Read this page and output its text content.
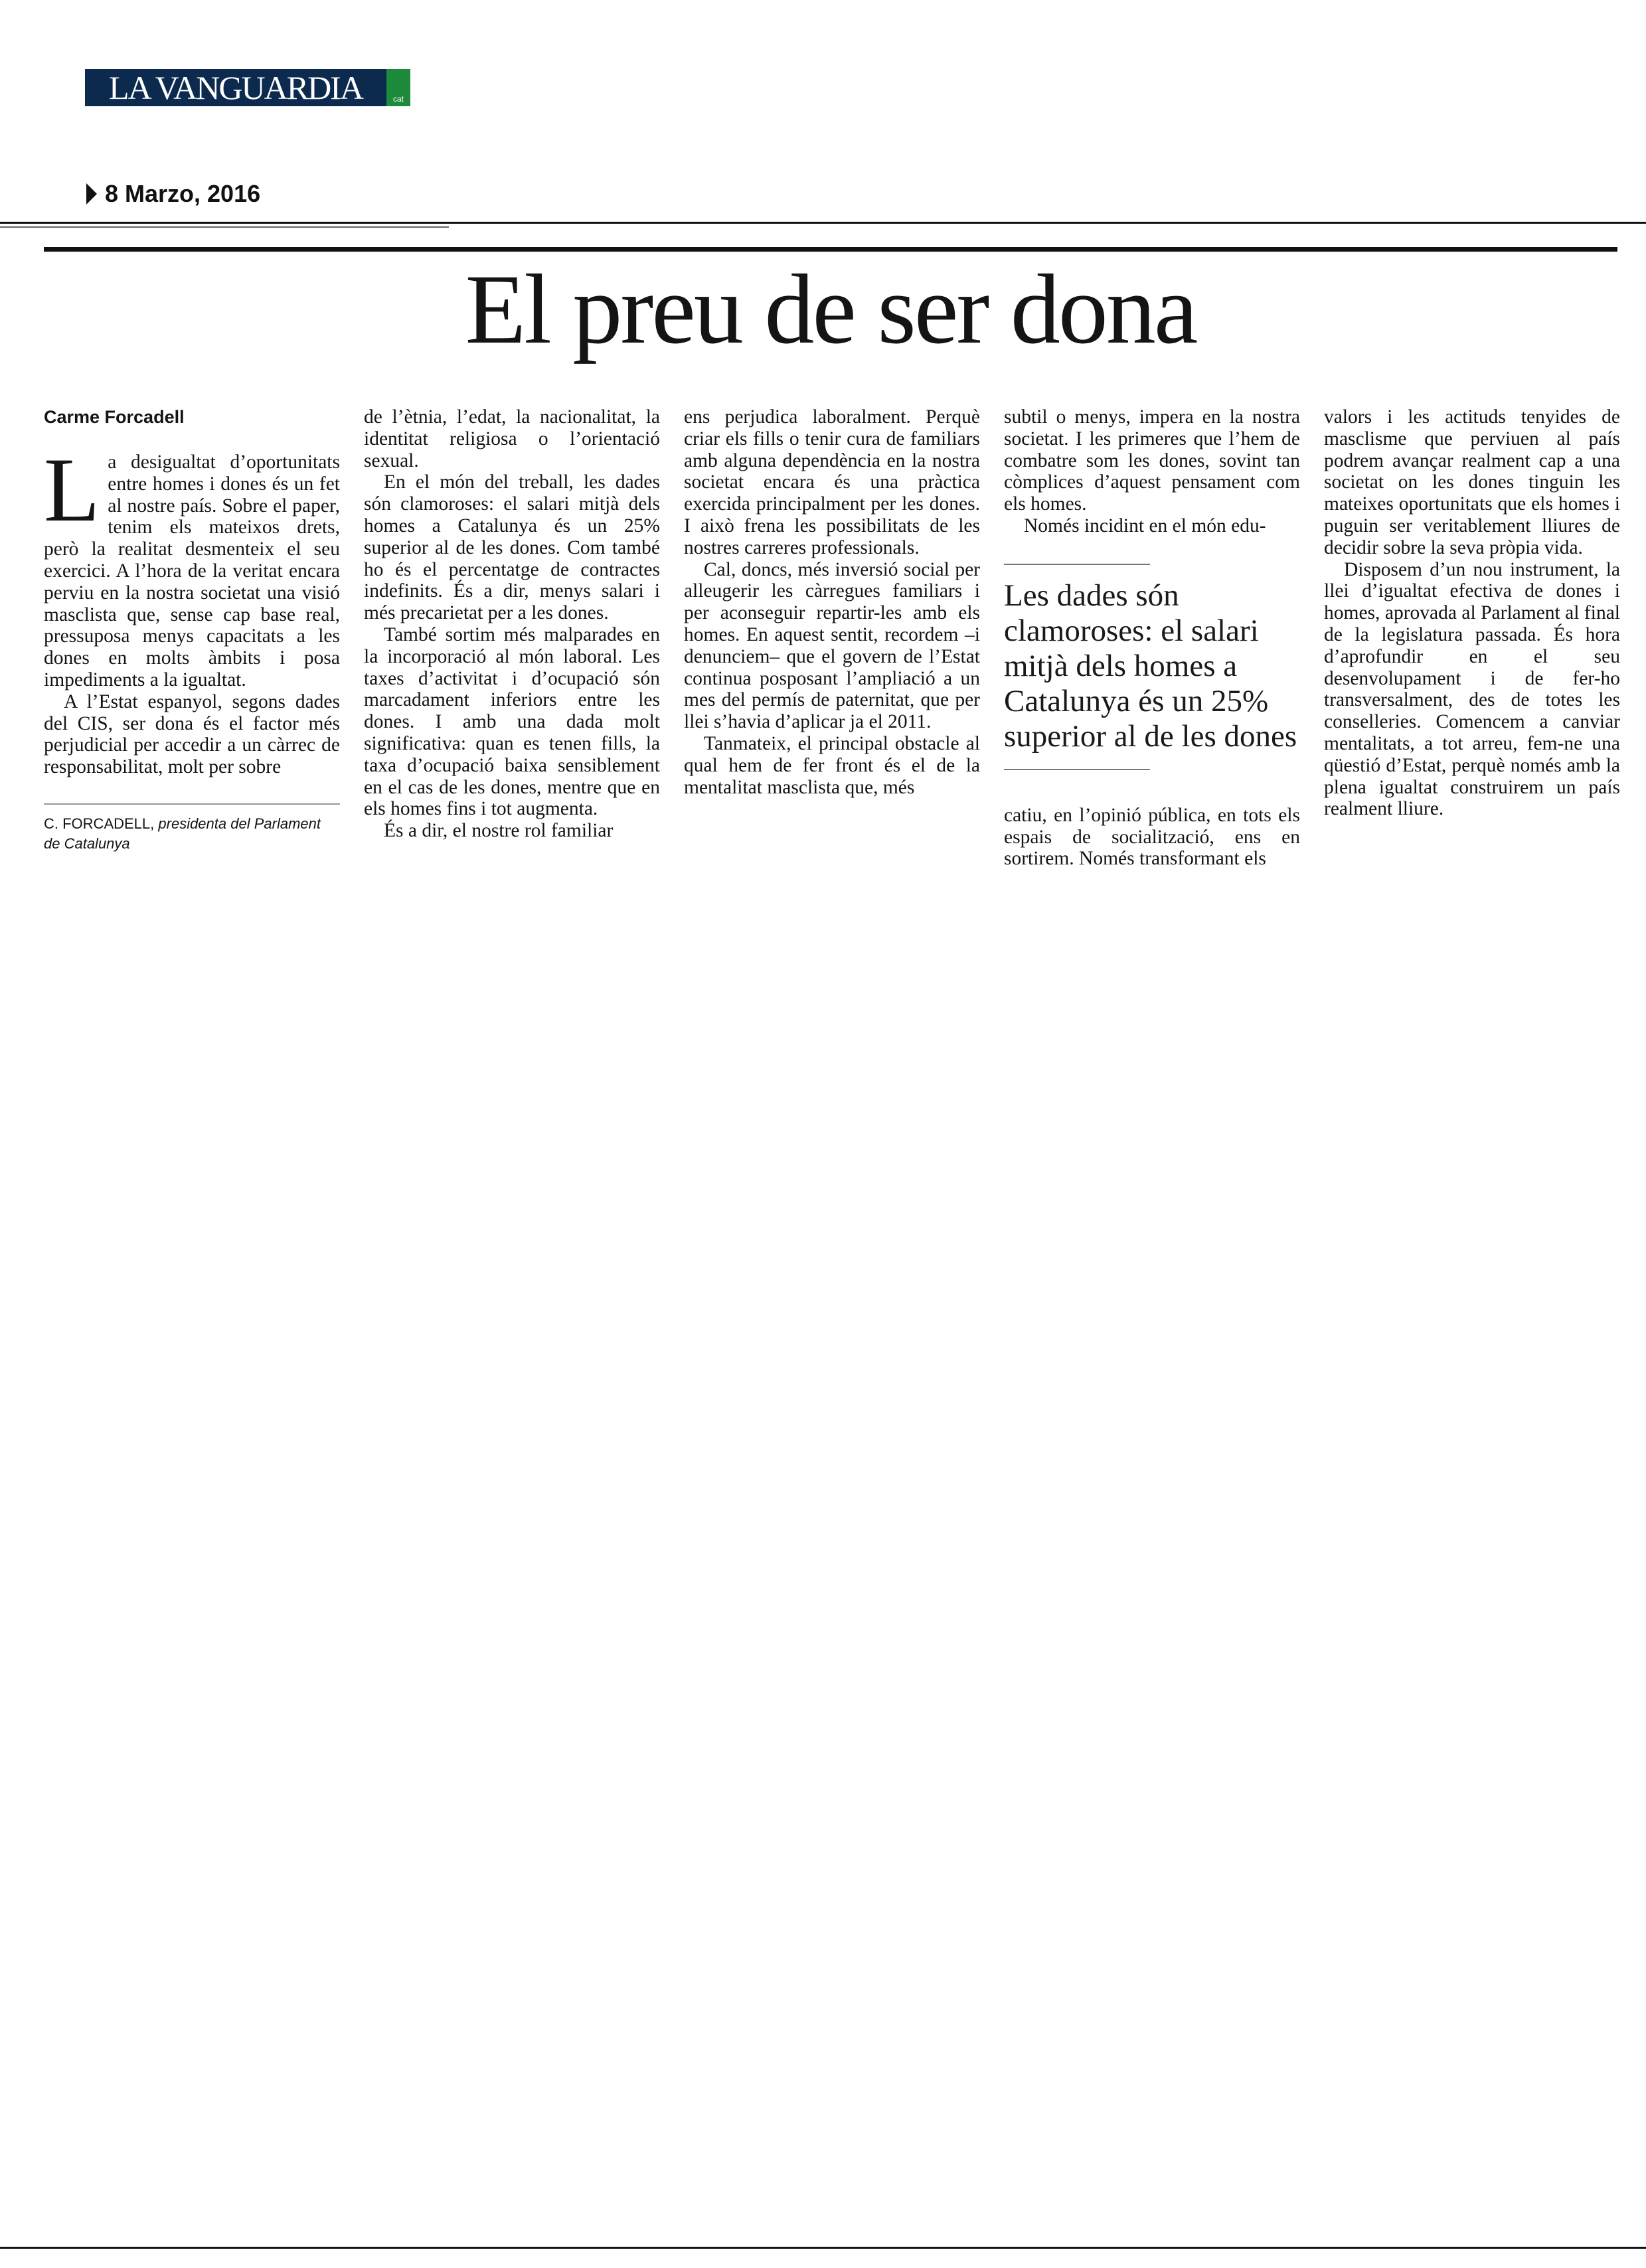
LA VANGUARDIA	cat
8 Marzo, 2016
El preu de ser dona
Carme Forcadell

La desigualtat d’oportunitats entre homes i dones és un fet al nostre país. Sobre el paper, tenim els mateixos drets, però la realitat desmenteix el seu exercici. A l’hora de la veritat encara perviu en la nostra societat una visió masclista que, sense cap base real, pressuposa menys capacitats a les dones en molts àmbits i posa impediments a la igualtat.

A l’Estat espanyol, segons dades del CIS, ser dona és el factor més perjudicial per accedir a un càrrec de responsabilitat, molt per sobre

C. FORCADELL, presidenta del Parlament de Catalunya

de l’ètnia, l’edat, la nacionalitat, la identitat religiosa o l’orientació sexual.

En el món del treball, les dades són clamoroses: el salari mitjà dels homes a Catalunya és un 25% superior al de les dones. Com també ho és el percentatge de contractes indefinits. És a dir, menys salari i més precarietat per a les dones.

També sortim més malparades en la incorporació al món laboral. Les taxes d’activitat i d’ocupació són marcadament inferiors entre les dones. I amb una dada molt significativa: quan es tenen fills, la taxa d’ocupació baixa sensiblement en el cas de les dones, mentre que en els homes fins i tot augmenta.

És a dir, el nostre rol familiar

ens perjudica laboralment. Perquè criar els fills o tenir cura de familiars amb alguna dependència en la nostra societat encara és una pràctica exercida principalment per les dones. I això frena les possibilitats de les nostres carreres professionals.

Cal, doncs, més inversió social per alleugerir les càrregues familiars i per aconseguir repartir-les amb els homes. En aquest sentit, recordem –i denunciem– que el govern de l’Estat continua posposant l’ampliació a un mes del permís de paternitat, que per llei s’havia d’aplicar ja el 2011.

Tanmateix, el principal obstacle al qual hem de fer front és el de la mentalitat masclista que, més

subtil o menys, impera en la nostra societat. I les primeres que l’hem de combatre som les dones, sovint tan còmplices d’aquest pensament com els homes.

Només incidint en el món edu-

Les dades són clamoroses: el salari mitjà dels homes a Catalunya és un 25% superior al de les dones

catiu, en l’opinió pública, en tots els espais de socialització, ens en sortirem. Només transformant els

valors i les actituds tenyides de masclisme que perviuen al país podrem avançar realment cap a una societat on les dones tinguin les mateixes oportunitats que els homes i puguin ser veritablement lliures de decidir sobre la seva pròpia vida.

Disposem d’un nou instrument, la llei d’igualtat efectiva de dones i homes, aprovada al Parlament al final de la legislatura passada. És hora d’aprofundir en el seu desenvolupament i de fer-ho transversalment, des de totes les conselleries. Comencem a canviar mentalitats, a tot arreu, fem-ne una qüestió d’Estat, perquè només amb la plena igualtat construirem un país realment lliure.
